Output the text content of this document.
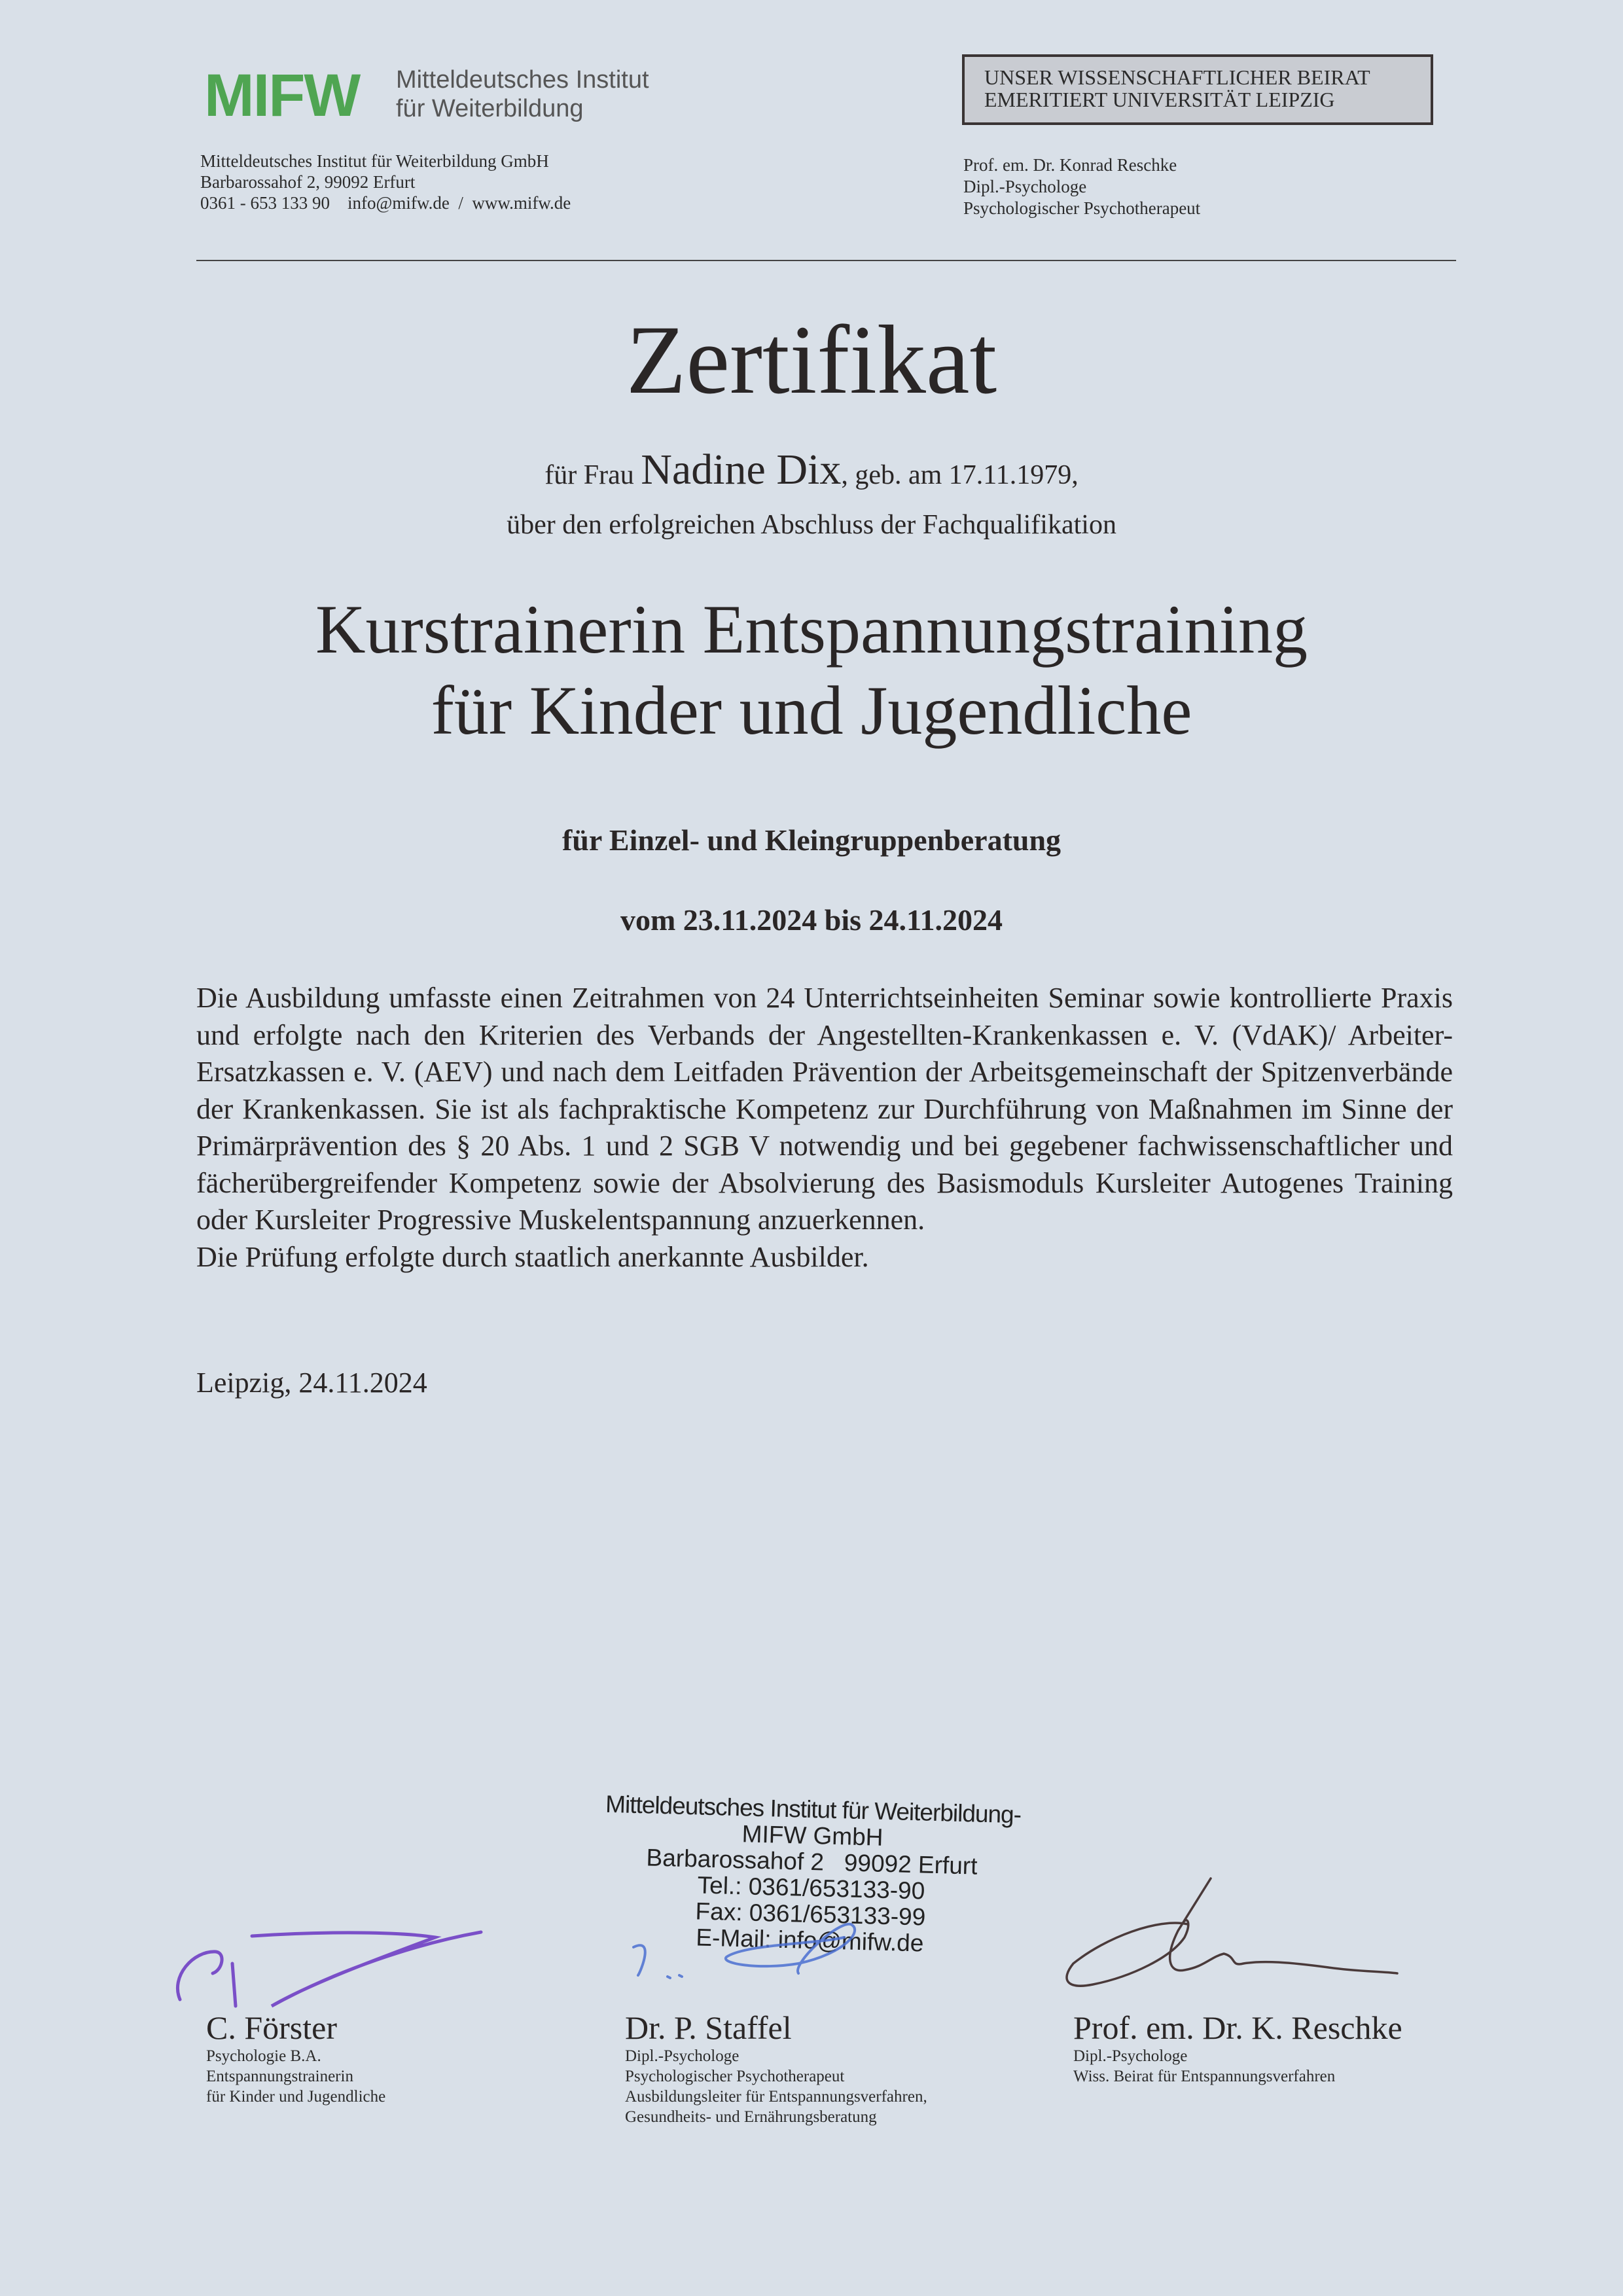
MIFW Mitteldeutsches Institut
für Weiterbildung
Mitteldeutsches Institut für Weiterbildung GmbH
Barbarossahof 2, 99092 Erfurt
0361 - 653 133 90    info@mifw.de  /  www.mifw.de
UNSER WISSENSCHAFTLICHER BEIRAT
EMERITIERT UNIVERSITÄT LEIPZIG
Prof. em. Dr. Konrad Reschke
Dipl.-Psychologe
Psychologischer Psychotherapeut
Zertifikat
für Frau Nadine Dix, geb. am 17.11.1979,
über den erfolgreichen Abschluss der Fachqualifikation
Kurstrainerin Entspannungstraining
für Kinder und Jugendliche
für Einzel- und Kleingruppenberatung
vom 23.11.2024 bis 24.11.2024

Die Ausbildung umfasste einen Zeitrahmen von 24 Unterrichtseinheiten Seminar sowie kontrollierte Praxis und erfolgte nach den Kriterien des Verbands der Angestellten-Krankenkassen e. V. (VdAK)/ Arbeiter-Ersatzkassen e. V. (AEV) und nach dem Leitfaden Prävention der Arbeitsgemeinschaft der Spitzenverbände der Krankenkassen. Sie ist als fachpraktische Kompetenz zur Durchführung von Maßnahmen im Sinne der Primärprävention des § 20 Abs. 1 und 2 SGB V notwendig und bei gegebener fachwissenschaftlicher und fächerübergreifender Kompetenz sowie der Absolvierung des Basismoduls Kursleiter Autogenes Training oder Kursleiter Progressive Muskelentspannung anzuerkennen.

Die Prüfung erfolgte durch staatlich anerkannte Ausbilder.

Leipzig, 24.11.2024
Mitteldeutsches Institut für Weiterbildung-
MIFW GmbH
Barbarossahof 2   99092 Erfurt
Tel.: 0361/653133-90
Fax: 0361/653133-99
E-Mail: info@mifw.de
C. Förster
Psychologie B.A.
Entspannungstrainerin
für Kinder und Jugendliche
Dr. P. Staffel
Dipl.-Psychologe
Psychologischer Psychotherapeut
Ausbildungsleiter für Entspannungsverfahren,
Gesundheits- und Ernährungsberatung
Prof. em. Dr. K. Reschke
Dipl.-Psychologe
Wiss. Beirat für Entspannungsverfahren
